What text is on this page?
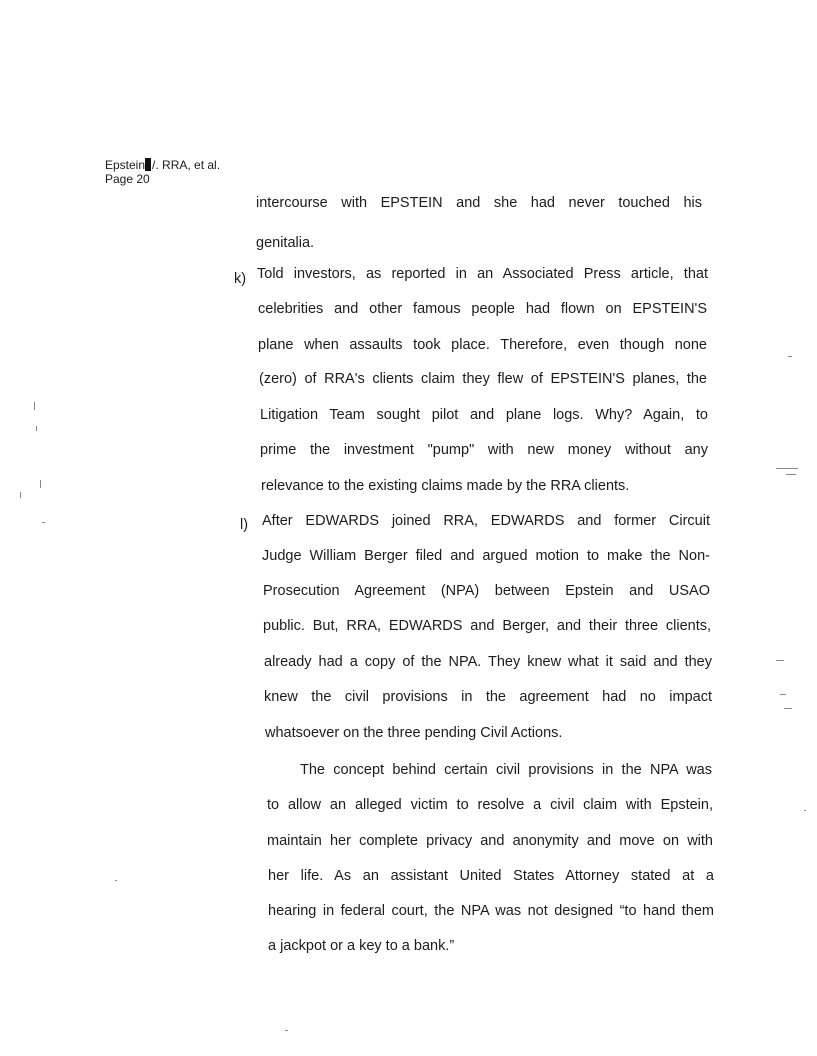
Epstein /. RRA, et al.
Page 20
intercourse with EPSTEIN and she had never touched his
genitalia.
k) Told investors, as reported in an Associated Press article, that
celebrities and other famous people had flown on EPSTEIN'S
plane when assaults took place. Therefore, even though none
(zero) of RRA's clients claim they flew of EPSTEIN'S planes, the
Litigation Team sought pilot and plane logs. Why? Again, to
prime the investment "pump" with new money without any
relevance to the existing claims made by the RRA clients.
l) After EDWARDS joined RRA, EDWARDS and former Circuit
Judge William Berger filed and argued motion to make the Non-
Prosecution Agreement (NPA) between Epstein and USAO
public. But, RRA, EDWARDS and Berger, and their three clients,
already had a copy of the NPA. They knew what it said and they
knew the civil provisions in the agreement had no impact
whatsoever on the three pending Civil Actions.
The concept behind certain civil provisions in the NPA was
to allow an alleged victim to resolve a civil claim with Epstein,
maintain her complete privacy and anonymity and move on with
her life. As an assistant United States Attorney stated at a
hearing in federal court, the NPA was not designed “to hand them
a jackpot or a key to a bank.”
